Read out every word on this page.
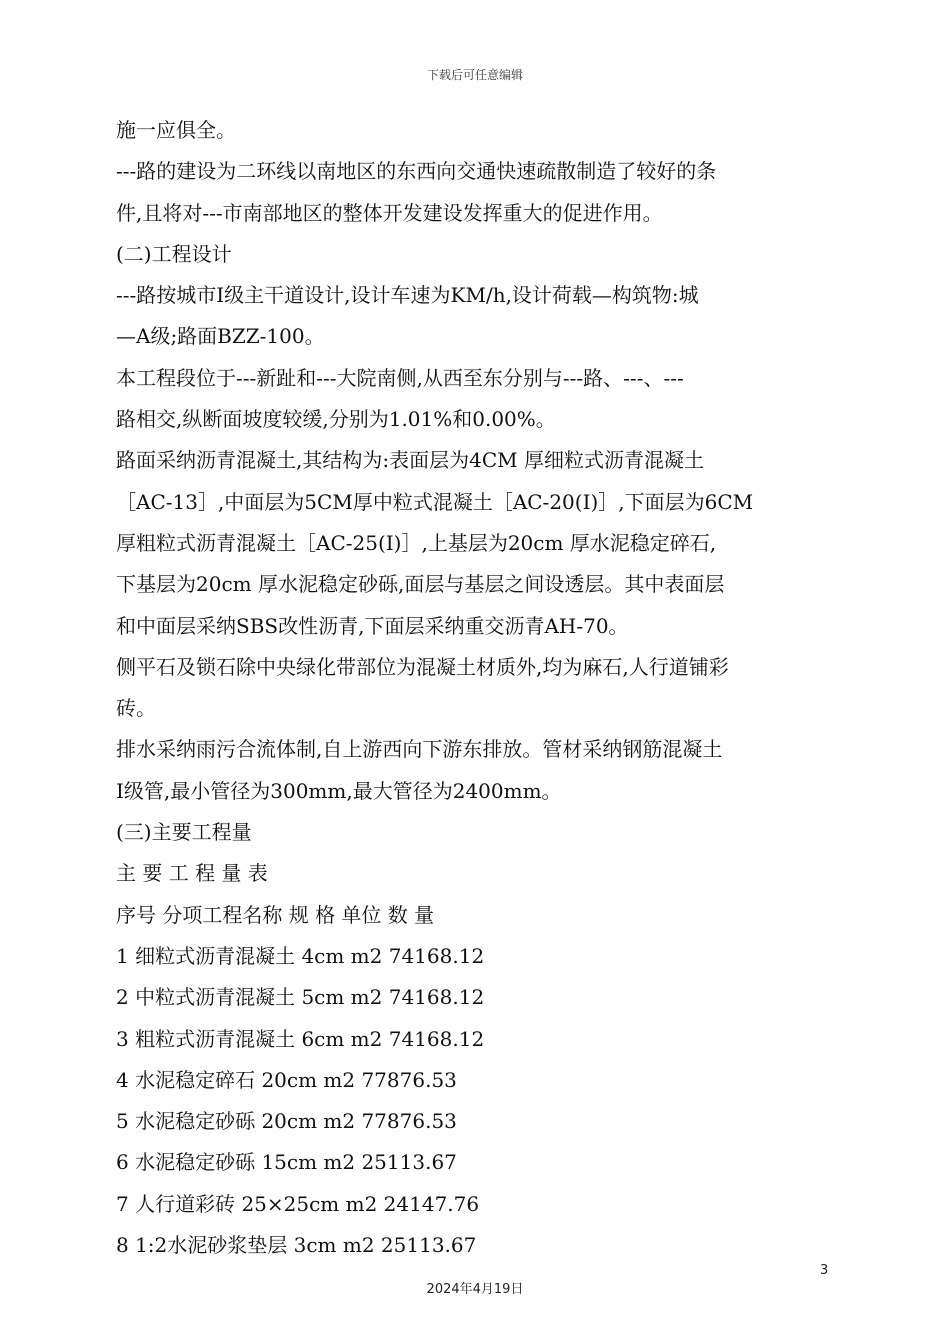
下载后可任意编辑
施一应俱全。
---路的建设为二环线以南地区的东西向交通快速疏散制造了较好的条
件,且将对---市南部地区的整体开发建设发挥重大的促进作用。
(二)工程设计
---路按城市Ⅰ级主干道设计,设计车速为KM/h,设计荷载—构筑物:城
—A级;路面BZZ-100。
本工程段位于---新趾和---大院南侧,从西至东分别与---路、---、---
路相交,纵断面坡度较缓,分别为1.01%和0.00%。
路面采纳沥青混凝土,其结构为:表面层为4CM 厚细粒式沥青混凝土
［AC-13］,中面层为5CM厚中粒式混凝土［AC-20(Ⅰ)］,下面层为6CM
厚粗粒式沥青混凝土［AC-25(Ⅰ)］,上基层为20cm 厚水泥稳定碎石,
下基层为20cm 厚水泥稳定砂砾,面层与基层之间设透层。其中表面层
和中面层采纳SBS改性沥青,下面层采纳重交沥青AH-70。
侧平石及锁石除中央绿化带部位为混凝土材质外,均为麻石,人行道铺彩
砖。
排水采纳雨污合流体制,自上游西向下游东排放。管材采纳钢筋混凝土
Ⅰ级管,最小管径为300mm,最大管径为2400mm。
(三)主要工程量
主 要 工 程 量 表
序号 分项工程名称 规 格 单位 数 量
1 细粒式沥青混凝土 4cm m2 74168.12
2 中粒式沥青混凝土 5cm m2 74168.12
3 粗粒式沥青混凝土 6cm m2 74168.12
4 水泥稳定碎石 20cm m2 77876.53
5 水泥稳定砂砾 20cm m2 77876.53
6 水泥稳定砂砾 15cm m2 25113.67
7 人行道彩砖 25×25cm m2 24147.76
8 1:2水泥砂浆垫层 3cm m2 25113.67
3
2024年4月19日
